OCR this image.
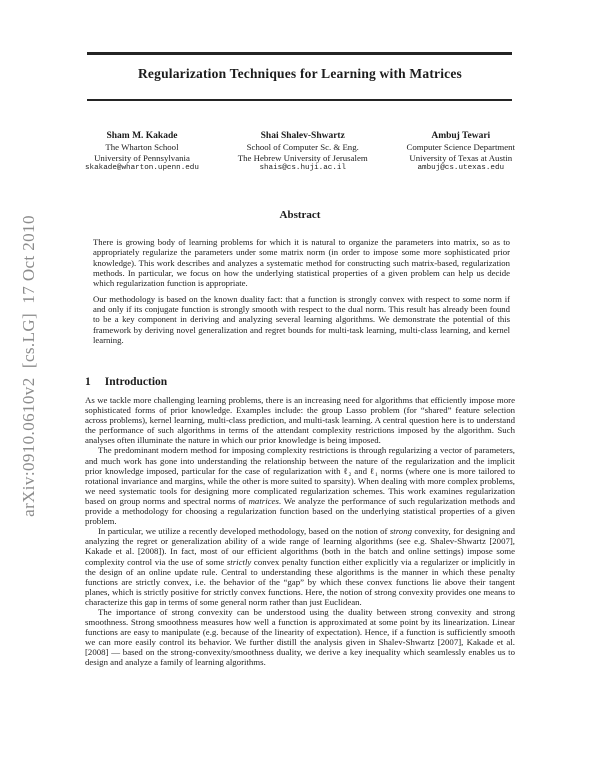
arXiv:0910.0610v2  [cs.LG]  17 Oct 2010
Regularization Techniques for Learning with Matrices
Sham M. Kakade
The Wharton School
University of Pennsylvania
skakade@wharton.upenn.edu
Shai Shalev-Shwartz
School of Computer Sc. & Eng.
The Hebrew University of Jerusalem
shais@cs.huji.ac.il
Ambuj Tewari
Computer Science Department
University of Texas at Austin
ambuj@cs.utexas.edu
Abstract

There is growing body of learning problems for which it is natural to organize the parameters into matrix, so as to appropriately regularize the parameters under some matrix norm (in order to impose some more sophisticated prior knowledge). This work describes and analyzes a systematic method for constructing such matrix-based, regularization methods. In particular, we focus on how the underlying statistical properties of a given problem can help us decide which regularization function is appropriate.

Our methodology is based on the known duality fact: that a function is strongly convex with respect to some norm if and only if its conjugate function is strongly smooth with respect to the dual norm. This result has already been found to be a key component in deriving and analyzing several learning algorithms. We demonstrate the potential of this framework by deriving novel generalization and regret bounds for multi-task learning, multi-class learning, and kernel learning.

1 Introduction

As we tackle more challenging learning problems, there is an increasing need for algorithms that efficiently impose more sophisticated forms of prior knowledge. Examples include: the group Lasso problem (for “shared” feature selection across problems), kernel learning, multi-class prediction, and multi-task learning. A central question here is to understand the performance of such algorithms in terms of the attendant complexity restrictions imposed by the algorithm. Such analyses often illuminate the nature in which our prior knowledge is being imposed.

The predominant modern method for imposing complexity restrictions is through regularizing a vector of parameters, and much work has gone into understanding the relationship between the nature of the regularization and the implicit prior knowledge imposed, particular for the case of regularization with ℓ₂ and ℓ₁ norms (where one is more tailored to rotational invariance and margins, while the other is more suited to sparsity). When dealing with more complex problems, we need systematic tools for designing more complicated regularization schemes. This work examines regularization based on group norms and spectral norms of matrices. We analyze the performance of such regularization methods and provide a methodology for choosing a regularization function based on the underlying statistical properties of a given problem.

In particular, we utilize a recently developed methodology, based on the notion of strong convexity, for designing and analyzing the regret or generalization ability of a wide range of learning algorithms (see e.g. Shalev-Shwartz [2007], Kakade et al. [2008]). In fact, most of our efficient algorithms (both in the batch and online settings) impose some complexity control via the use of some strictly convex penalty function either explicitly via a regularizer or implicitly in the design of an online update rule. Central to understanding these algorithms is the manner in which these penalty functions are strictly convex, i.e. the behavior of the “gap” by which these convex functions lie above their tangent planes, which is strictly positive for strictly convex functions. Here, the notion of strong convexity provides one means to characterize this gap in terms of some general norm rather than just Euclidean.

The importance of strong convexity can be understood using the duality between strong convexity and strong smoothness. Strong smoothness measures how well a function is approximated at some point by its linearization. Linear functions are easy to manipulate (e.g. because of the linearity of expectation). Hence, if a function is sufficiently smooth we can more easily control its behavior. We further distill the analysis given in Shalev-Shwartz [2007], Kakade et al. [2008] — based on the strong-convexity/smoothness duality, we derive a key inequality which seamlessly enables us to design and analyze a family of learning algorithms.
